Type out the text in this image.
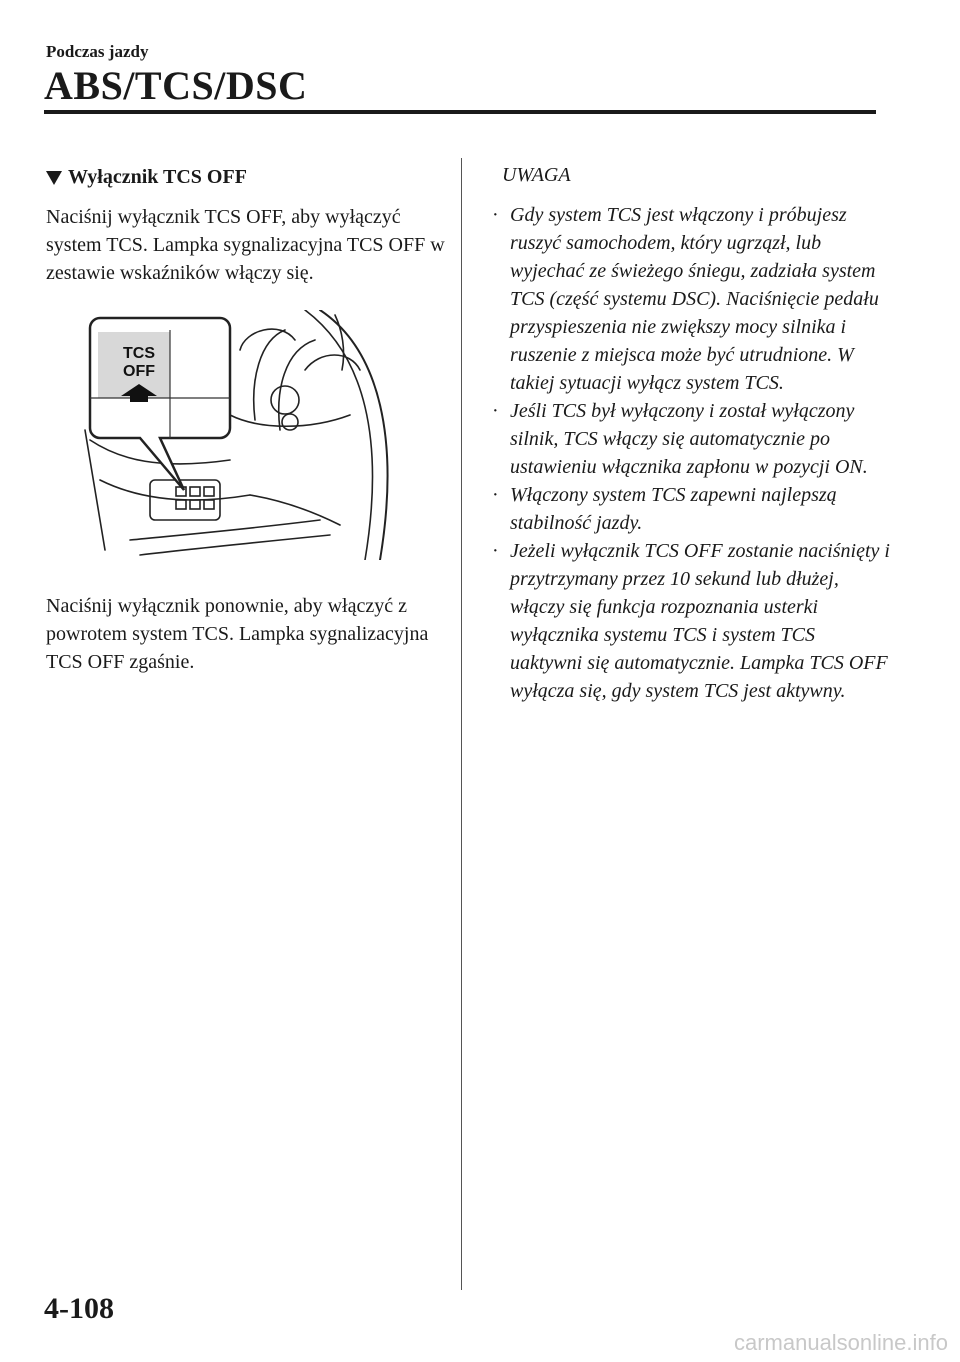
Podczas jazdy
ABS/TCS/DSC
Wyłącznik TCS OFF

Naciśnij wyłącznik TCS OFF, aby wyłączyć system TCS. Lampka sygnalizacyjna TCS OFF w zestawie wskaźników włączy się.

TCS
OFF

Naciśnij wyłącznik ponownie, aby włączyć z powrotem system TCS. Lampka sygnalizacyjna TCS OFF zgaśnie.

UWAGA
· Gdy system TCS jest włączony i próbujesz ruszyć samochodem, który ugrzązł, lub wyjechać ze świeżego śniegu, zadziała system TCS (część systemu DSC). Naciśnięcie pedału przyspieszenia nie zwiększy mocy silnika i ruszenie z miejsca może być utrudnione. W takiej sytuacji wyłącz system TCS.
· Jeśli TCS był wyłączony i został wyłączony silnik, TCS włączy się automatycznie po ustawieniu włącznika zapłonu w pozycji ON.
· Włączony system TCS zapewni najlepszą stabilność jazdy.
· Jeżeli wyłącznik TCS OFF zostanie naciśnięty i przytrzymany przez 10 sekund lub dłużej, włączy się funkcja rozpoznania usterki wyłącznika systemu TCS i system TCS uaktywni się automatycznie. Lampka TCS OFF wyłącza się, gdy system TCS jest aktywny.
4-108
carmanualsonline.info
